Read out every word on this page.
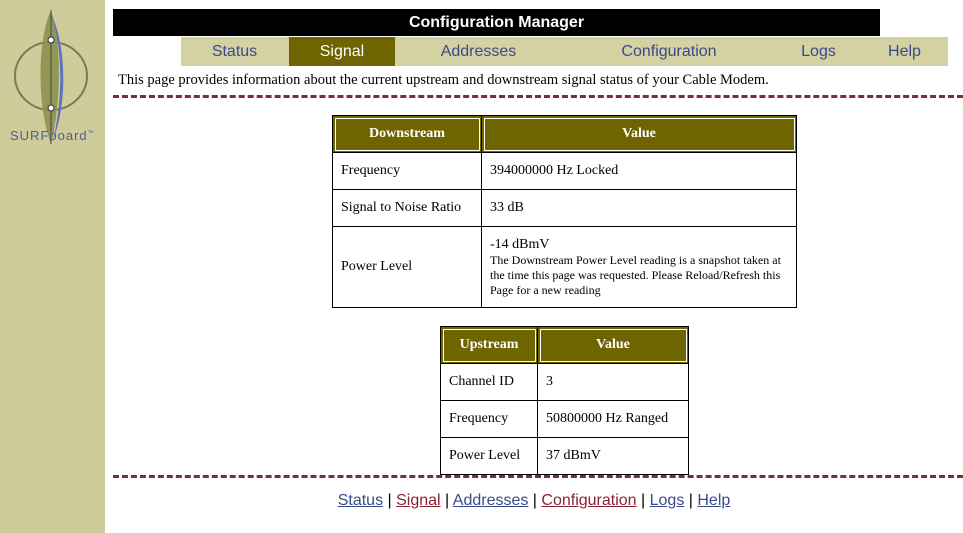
SURFboard™
Configuration Manager
Status	Signal	Addresses	Configuration	Logs	Help
This page provides information about the current upstream and downstream signal status of your Cable Modem.
Downstream	Value
Frequency	394000000 Hz Locked
Signal to Noise Ratio	33 dB
Power Level	-14 dBmV
The Downstream Power Level reading is a snapshot taken at the time this page was requested. Please Reload/Refresh this Page for a new reading
Upstream	Value
Channel ID	3
Frequency	50800000 Hz Ranged
Power Level	37 dBmV
Status | Signal | Addresses | Configuration | Logs | Help
